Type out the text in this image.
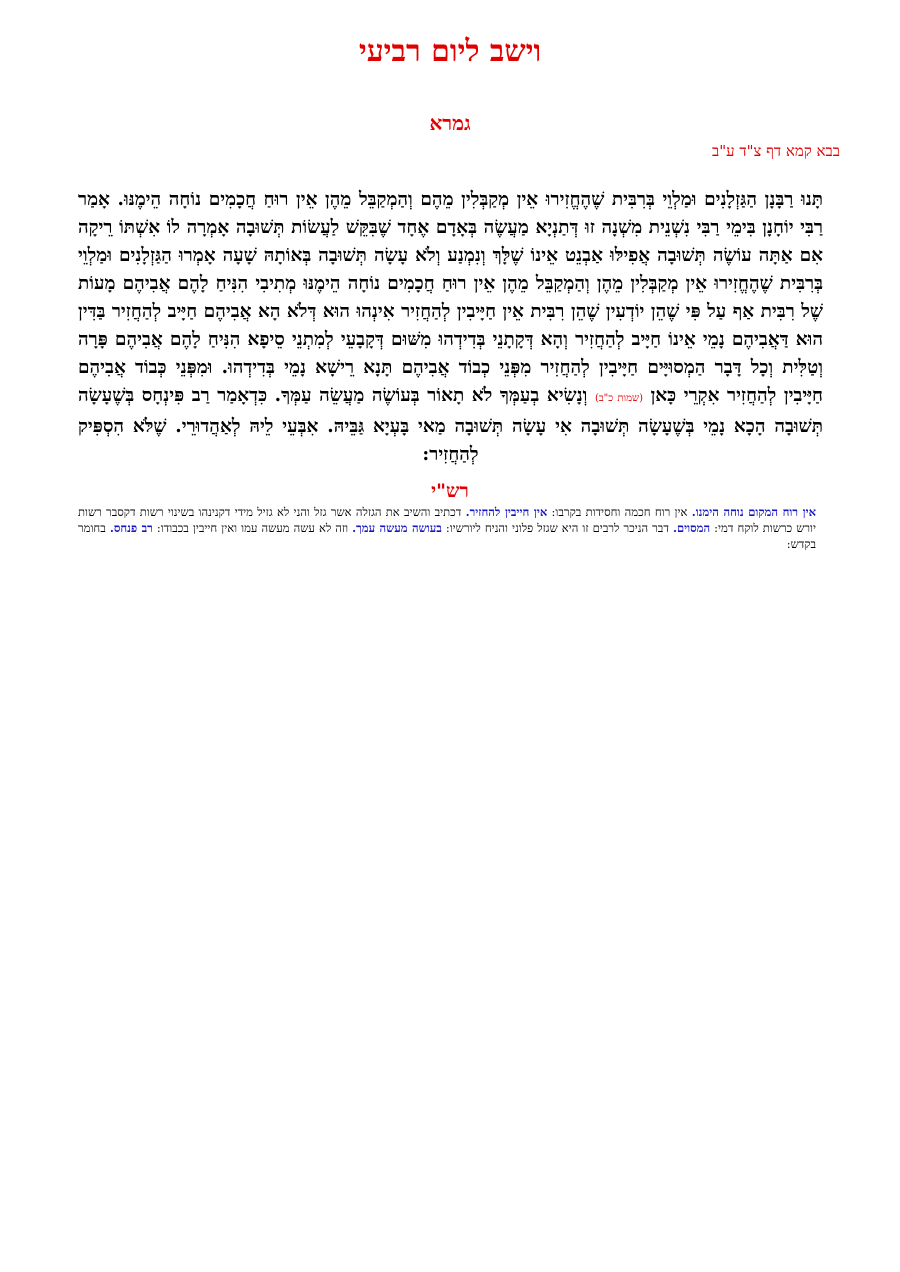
וישב ליום רביעי
גמרא
בבא קמא דף צ"ד ע"ב
תָּנוּ רַבָּנָן הַגַּזְלָנִים וּמַלְוֵי בְּרִבִּית שֶׁהֶחֱזִירוּ אֵין מְקַבְּלִין מֵהֶם וְהַמְקַבֵּל מֵהֶן אֵין רוּחַ חֲכָמִים נוֹחָה הֵימֶנּוּ. אָמַר רַבִּי יוֹחָנָן בִּימֵי רַבִּי נִשְׁנֵית מִשְׁנָה זוּ דְּתַנְיָא מַעֲשֶׂה בְּאָדָם אֶחָד שֶׁבִּקֵּשׁ לַעֲשׂוֹת תְּשׁוּבָה אָמְרָה לוֹ אִשְׁתּוֹ רֵיקָה אִם אַתָּה עוֹשֶׂה תְּשׁוּבָה אֲפִילּוּ אַבְנֵט אֵינוֹ שֶׁלָּךְ וְנִמְנַע וְלֹא עָשָׂה תְּשׁוּבָה בְּאוֹתָהּ שָׁעָה אָמְרוּ הַגַּזְלָנִים וּמַלְוֵי בְּרִבִּית שֶׁהֶחֱזִירוּ אֵין מְקַבְּלִין מֵהֶן וְהַמְקַבֵּל מֵהֶן אֵין רוּחַ חֲכָמִים נוֹחָה הֵימֶנּוּ מְתִיבִי הִנִּיחַ לָהֶם אֲבִיהֶם מָעוֹת שֶׁל רִבִּית אַף עַל פִּי שֶׁהֵן יוֹדְעִין שֶׁהֵן רִבִּית אֵין חַיָּיבִין לְהַחֲזִיר אִינְהוּ הוּא דְּלֹא הָא אֲבִיהֶם חַיָּיב לְהַחֲזִיר בַּדִּין הוּא דַּאֲבִיהֶם נָמֵי אֵינוֹ חַיָּיב לְהַחֲזִיר וְהָא דְּקָתָנֵי בְּדִידְהוּ מִשּׁוּם דְּקָבָעֵי לְמִתְנֵי סֵיפָא הִנִּיחַ לָהֶם אֲבִיהֶם פָּרָה וְטַלִּית וְכָל דָּבָר הַמְסוּיָּים חַיָּיבִין לְהַחֲזִיר מִפְּנֵי כְבוֹד אֲבִיהֶם תָּנָא רֵישָׁא נָמֵי בְּדִידְהוּ. וּמִפְּנֵי כְּבוֹד אֲבִיהֶם חַיָּיבִין לְהַחֲזִיר אִקְרֵי כָּאן (שמות כ"ב) וְנָשִׂיא בְעַמְּךָ לֹא תָאוֹר בְּעוֹשֶׂה מַעֲשֵׂה עַמְּךָ. כִּדְאָמַר רַב פִּינְחָס בְּשֶׁעָשָׂה תְּשׁוּבָה הָכָא נָמֵי בְּשֶׁעָשָׂה תְּשׁוּבָה אִי עָשָׂה תְּשׁוּבָה מַאי בָּעְיָא גַּבֵּיהּ. אִבְּעֵי לֵיהּ לְאַהֲדוּרֵי. שֶׁלֹּא הִסְפִּיק לְהַחֲזִיר:
רש"י
אין רוח המקום נוחה הימנו. אין רוח חכמה וחסידות בקרבו: אין חייבין להחזיר. דכתיב והשיב את הגזלה אשר גזל והני לא גזיל מידי דקנינהו בשינוי רשות דקסבר רשות יורש כרשות לוקח דמי: המסוים. דבר הניכר לרבים זו היא שגזל פלוני והניח ליורשיו: בעושה מעשה עמך. וזה לא עשה מעשה עמו ואין חייבין בכבודו: רב פנחס. בחומר בקדש:
